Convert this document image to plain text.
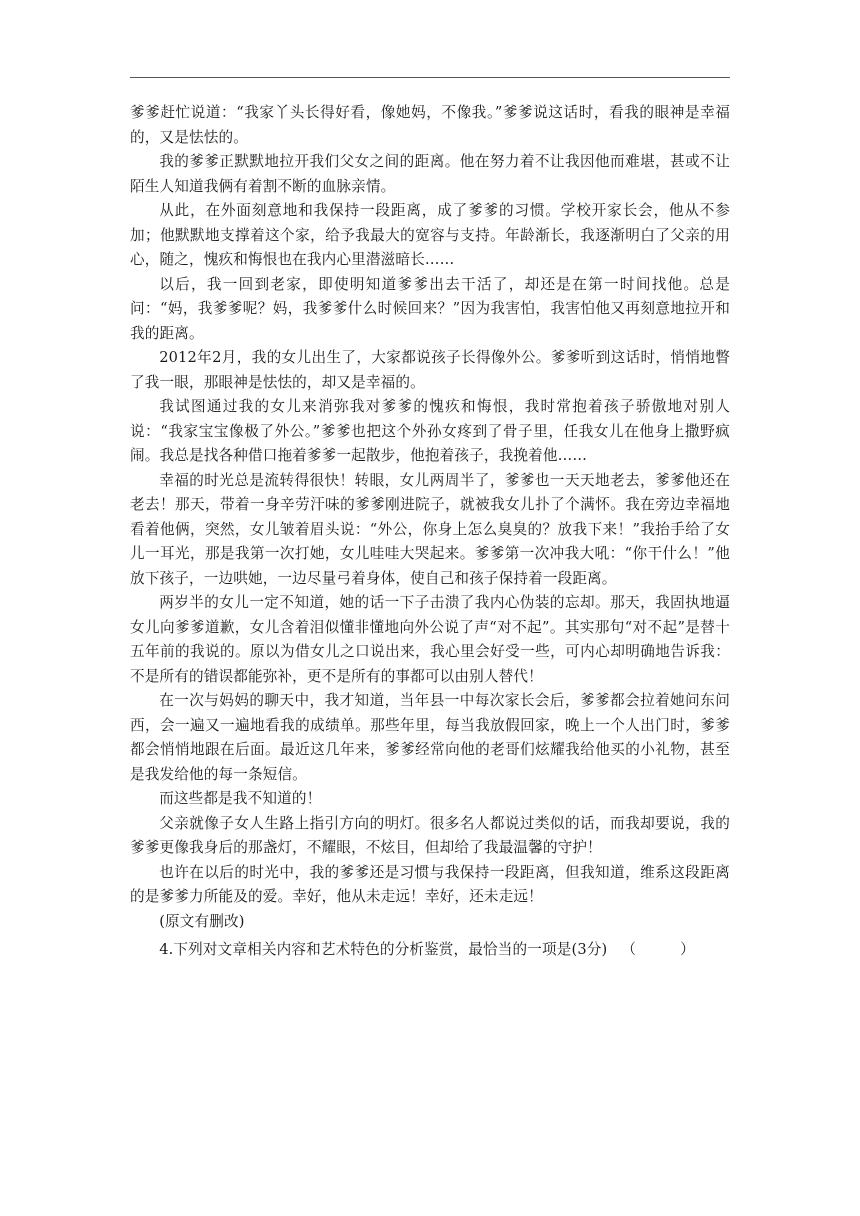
爹爹赶忙说道：“我家丫头长得好看，像她妈，不像我。”爹爹说这话时，看我的眼神是幸福的，又是怯怯的。

我的爹爹正默默地拉开我们父女之间的距离。他在努力着不让我因他而难堪，甚或不让陌生人知道我俩有着割不断的血脉亲情。

从此，在外面刻意地和我保持一段距离，成了爹爹的习惯。学校开家长会，他从不参加；他默默地支撑着这个家，给予我最大的宽容与支持。年龄渐长，我逐渐明白了父亲的用心，随之，愧疚和悔恨也在我内心里潜滋暗长……

以后，我一回到老家，即使明知道爹爹出去干活了，却还是在第一时间找他。总是问：“妈，我爹爹呢？妈，我爹爹什么时候回来？”因为我害怕，我害怕他又再刻意地拉开和我的距离。

2012年2月，我的女儿出生了，大家都说孩子长得像外公。爹爹听到这话时，悄悄地瞥了我一眼，那眼神是怯怯的，却又是幸福的。

我试图通过我的女儿来消弥我对爹爹的愧疚和悔恨，我时常抱着孩子骄傲地对别人说：“我家宝宝像极了外公。”爹爹也把这个外孙女疼到了骨子里，任我女儿在他身上撒野疯闹。我总是找各种借口拖着爹爹一起散步，他抱着孩子，我挽着他……

幸福的时光总是流转得很快！转眼，女儿两周半了，爹爹也一天天地老去，爹爹他还在老去！那天，带着一身辛劳汗味的爹爹刚进院子，就被我女儿扑了个满怀。我在旁边幸福地看着他俩，突然，女儿皱着眉头说：“外公，你身上怎么臭臭的？放我下来！”我抬手给了女儿一耳光，那是我第一次打她，女儿哇哇大哭起来。爹爹第一次冲我大吼：“你干什么！”他放下孩子，一边哄她，一边尽量弓着身体，使自己和孩子保持着一段距离。

两岁半的女儿一定不知道，她的话一下子击溃了我内心伪装的忘却。那天，我固执地逼女儿向爹爹道歉，女儿含着泪似懂非懂地向外公说了声“对不起”。其实那句“对不起”是替十五年前的我说的。原以为借女儿之口说出来，我心里会好受一些，可内心却明确地告诉我：不是所有的错误都能弥补，更不是所有的事都可以由别人替代！

在一次与妈妈的聊天中，我才知道，当年县一中每次家长会后，爹爹都会拉着她问东问西，会一遍又一遍地看我的成绩单。那些年里，每当我放假回家，晚上一个人出门时，爹爹都会悄悄地跟在后面。最近这几年来，爹爹经常向他的老哥们炫耀我给他买的小礼物，甚至是我发给他的每一条短信。

而这些都是我不知道的！

父亲就像子女人生路上指引方向的明灯。很多名人都说过类似的话，而我却要说，我的爹爹更像我身后的那盏灯，不耀眼，不炫目，但却给了我最温馨的守护！

也许在以后的时光中，我的爹爹还是习惯与我保持一段距离，但我知道，维系这段距离的是爹爹力所能及的爱。幸好，他从未走远！幸好，还未走远！

(原文有删改)

4.下列对文章相关内容和艺术特色的分析鉴赏，最恰当的一项是(3分) （	）
